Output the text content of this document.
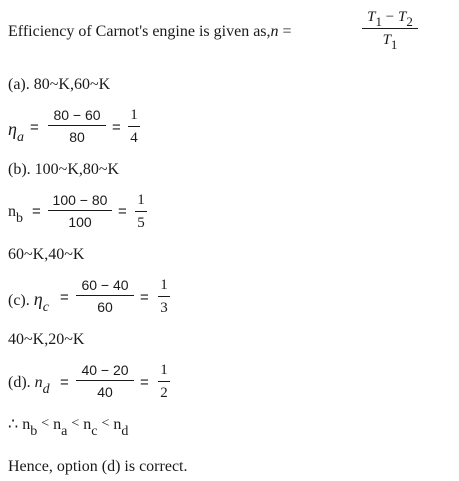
Efficiency of Carnot's engine is given as,n =
T1 − T2
T1
(a). 80~K,60~K
$\eta_a$
=
80 − 60
80
=
1
4
(b). 100~K,80~K
nb =
100 − 80
100
=
1
5
60~K,40~K
(c). ηc
=
60 − 40
60
=
1
3
40~K,20~K
(d). nd =
40 − 20
40
=
1
2
∴ nb < na < nc < nd
Hence, option (d) is correct.
